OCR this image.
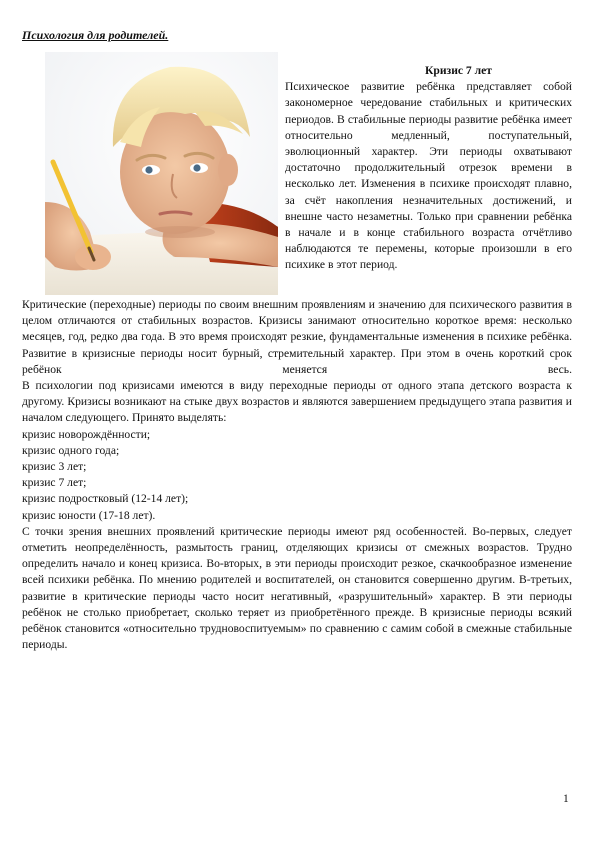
Психология для родителей.
Кризис 7 лет

Психическое развитие ребёнка представляет собой закономерное чередование стабильных и критических периодов. В стабильные периоды развитие ребёнка имеет относительно медленный, поступательный, эволюционный характер. Эти периоды охватывают достаточно продолжительный отрезок времени в несколько лет. Изменения в психике происходят плавно, за счёт накопления незначительных достижений, и внешне часто незаметны. Только при сравнении ребёнка в начале и в конце стабильного возраста отчётливо наблюдаются те перемены, которые произошли в его психике в этот период.

Критические (переходные) периоды по своим внешним проявлениям и значению для психического развития в целом отличаются от стабильных возрастов. Кризисы занимают относительно короткое время: несколько месяцев, год, редко два года. В это время происходят резкие, фундаментальные изменения в психике ребёнка. Развитие в кризисные периоды носит бурный, стремительный характер. При этом в очень короткий срок ребёнок меняется весь.

В психологии под кризисами имеются в виду переходные периоды от одного этапа детского возраста к другому. Кризисы возникают на стыке двух возрастов и являются завершением предыдущего этапа развития и началом следующего. Принято выделять:

кризис новорождённости;
кризис одного года;
кризис 3 лет;
кризис 7 лет;
кризис подростковый (12-14 лет);
кризис юности (17-18 лет).

С точки зрения внешних проявлений критические периоды имеют ряд особенностей. Во-первых, следует отметить неопределённость, размытость границ, отделяющих кризисы от смежных возрастов. Трудно определить начало и конец кризиса. Во-вторых, в эти периоды происходит резкое, скачкообразное изменение всей психики ребёнка. По мнению родителей и воспитателей, он становится совершенно другим. В-третьих, развитие в критические периоды часто носит негативный, «разрушительный» характер. В эти периоды ребёнок не столько приобретает, сколько теряет из приобретённого прежде. В кризисные периоды всякий ребёнок становится «относительно трудновоспитуемым» по сравнению с самим собой в смежные стабильные периоды.

1
